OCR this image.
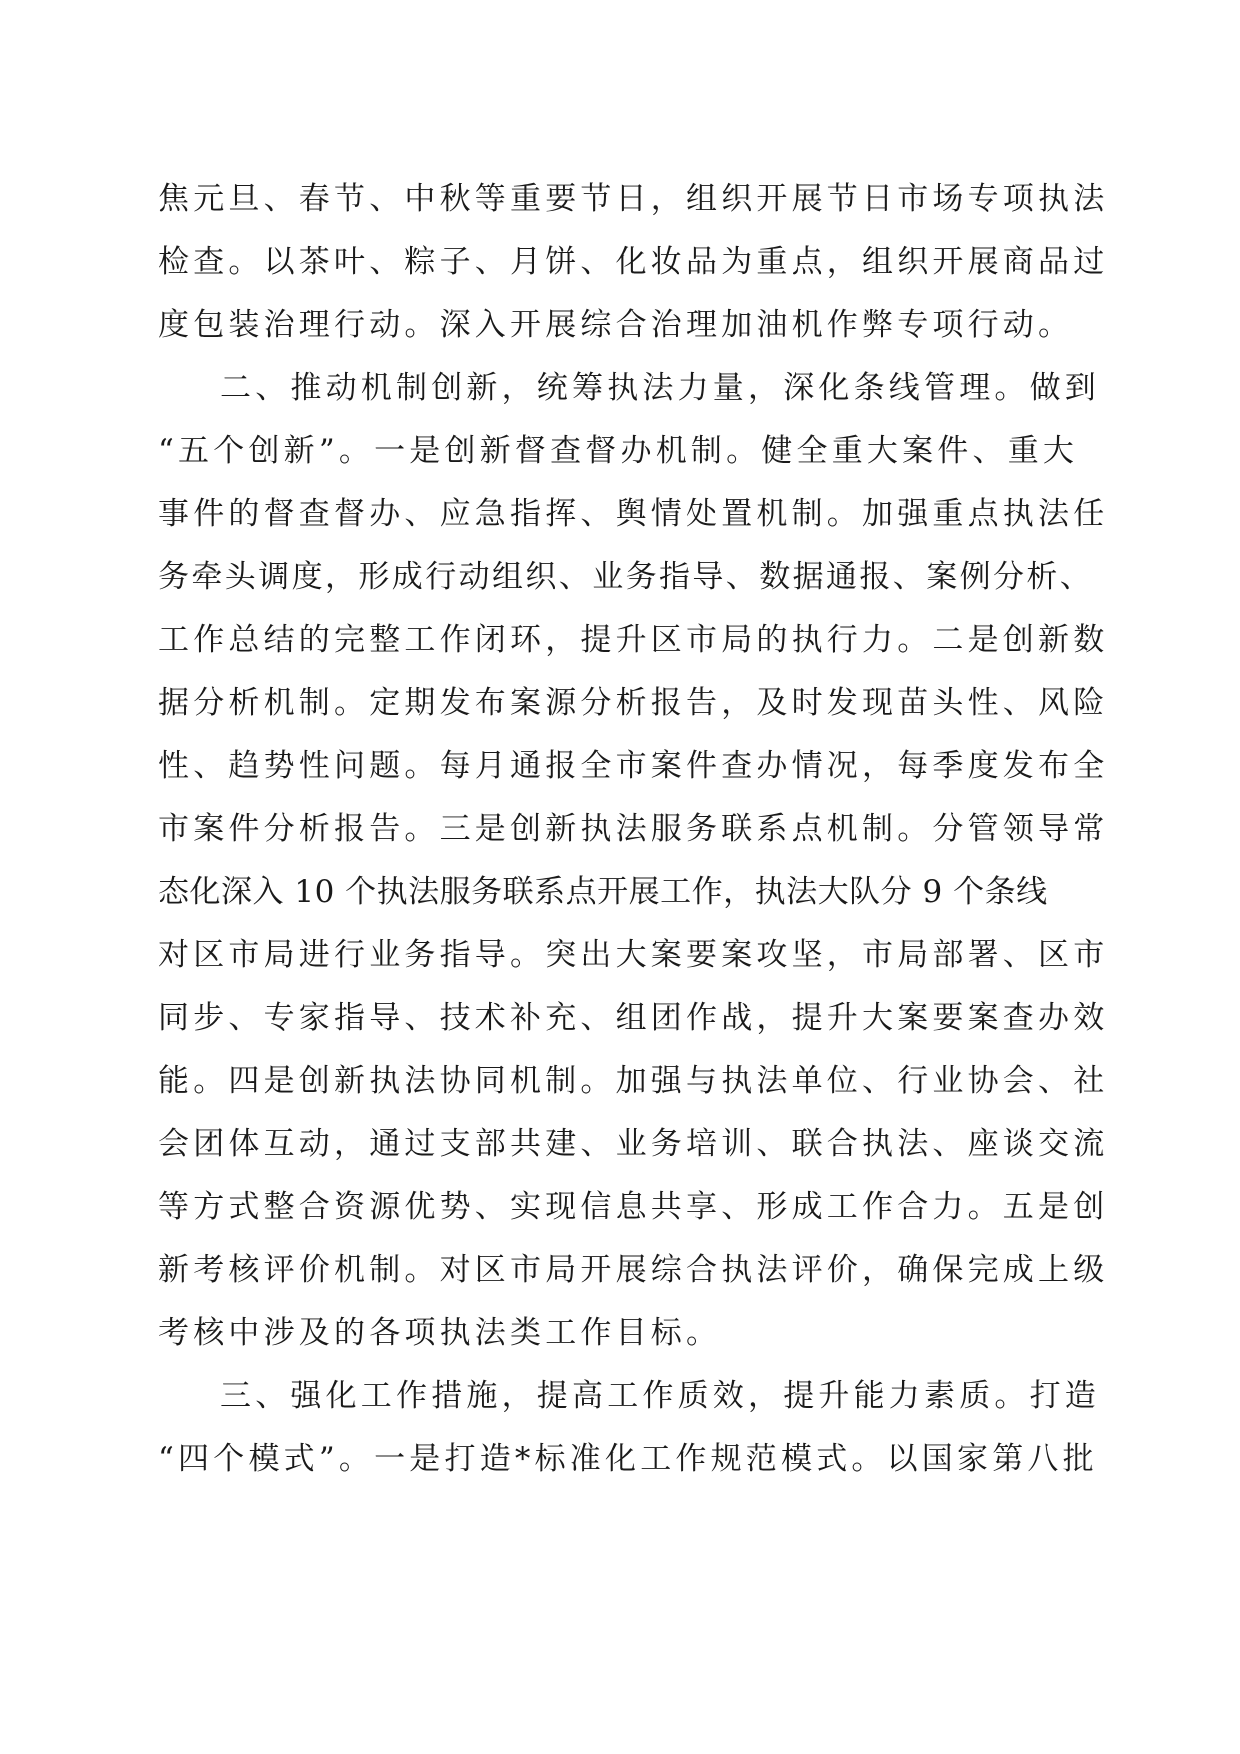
焦元旦、春节、中秋等重要节日，组织开展节日市场专项执法
检查。以茶叶、粽子、月饼、化妆品为重点，组织开展商品过
度包装治理行动。深入开展综合治理加油机作弊专项行动。
二、推动机制创新，统筹执法力量，深化条线管理。做到
“五个创新”。一是创新督查督办机制。健全重大案件、重大
事件的督查督办、应急指挥、舆情处置机制。加强重点执法任
务牵头调度，形成行动组织、业务指导、数据通报、案例分析、
工作总结的完整工作闭环，提升区市局的执行力。二是创新数
据分析机制。定期发布案源分析报告，及时发现苗头性、风险
性、趋势性问题。每月通报全市案件查办情况，每季度发布全
市案件分析报告。三是创新执法服务联系点机制。分管领导常
态化深入 10 个执法服务联系点开展工作，执法大队分 9 个条线
对区市局进行业务指导。突出大案要案攻坚，市局部署、区市
同步、专家指导、技术补充、组团作战，提升大案要案查办效
能。四是创新执法协同机制。加强与执法单位、行业协会、社
会团体互动，通过支部共建、业务培训、联合执法、座谈交流
等方式整合资源优势、实现信息共享、形成工作合力。五是创
新考核评价机制。对区市局开展综合执法评价，确保完成上级
考核中涉及的各项执法类工作目标。
三、强化工作措施，提高工作质效，提升能力素质。打造
“四个模式”。一是打造*标准化工作规范模式。以国家第八批
